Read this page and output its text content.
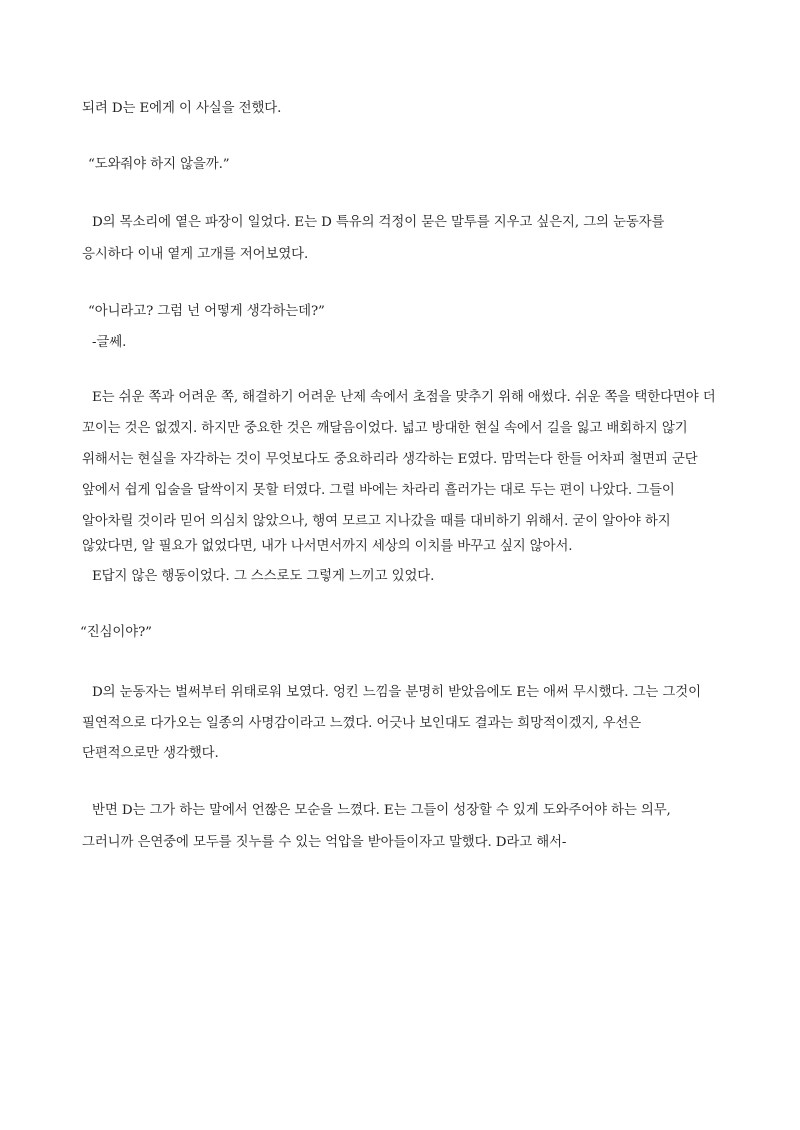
되려 D는 E에게 이 사실을 전했다.
“도와줘야 하지 않을까.”
D의 목소리에 옅은 파장이 일었다. E는 D 특유의 걱정이 묻은 말투를 지우고 싶은지, 그의 눈동자를
응시하다 이내 옅게 고개를 저어보였다.
“아니라고? 그럼 넌 어떻게 생각하는데?”
-글쎄.
E는 쉬운 쪽과 어려운 쪽, 해결하기 어려운 난제 속에서 초점을 맞추기 위해 애썼다. 쉬운 쪽을 택한다면야 더
꼬이는 것은 없겠지. 하지만 중요한 것은 깨달음이었다. 넓고 방대한 현실 속에서 길을 잃고 배회하지 않기
위해서는 현실을 자각하는 것이 무엇보다도 중요하리라 생각하는 E였다. 맘먹는다 한들 어차피 철면피 군단
앞에서 쉽게 입술을 달싹이지 못할 터였다. 그럴 바에는 차라리 흘러가는 대로 두는 편이 나았다. 그들이
알아차릴 것이라 믿어 의심치 않았으나, 행여 모르고 지나갔을 때를 대비하기 위해서. 굳이 알아야 하지
않았다면, 알 필요가 없었다면, 내가 나서면서까지 세상의 이치를 바꾸고 싶지 않아서.
E답지 않은 행동이었다. 그 스스로도 그렇게 느끼고 있었다.
“진심이야?”
D의 눈동자는 벌써부터 위태로워 보였다. 엉킨 느낌을 분명히 받았음에도 E는 애써 무시했다. 그는 그것이
필연적으로 다가오는 일종의 사명감이라고 느꼈다. 어긋나 보인대도 결과는 희망적이겠지, 우선은
단편적으로만 생각했다.
반면 D는 그가 하는 말에서 언짢은 모순을 느꼈다. E는 그들이 성장할 수 있게 도와주어야 하는 의무,
그러니까 은연중에 모두를 짓누를 수 있는 억압을 받아들이자고 말했다. D라고 해서-
